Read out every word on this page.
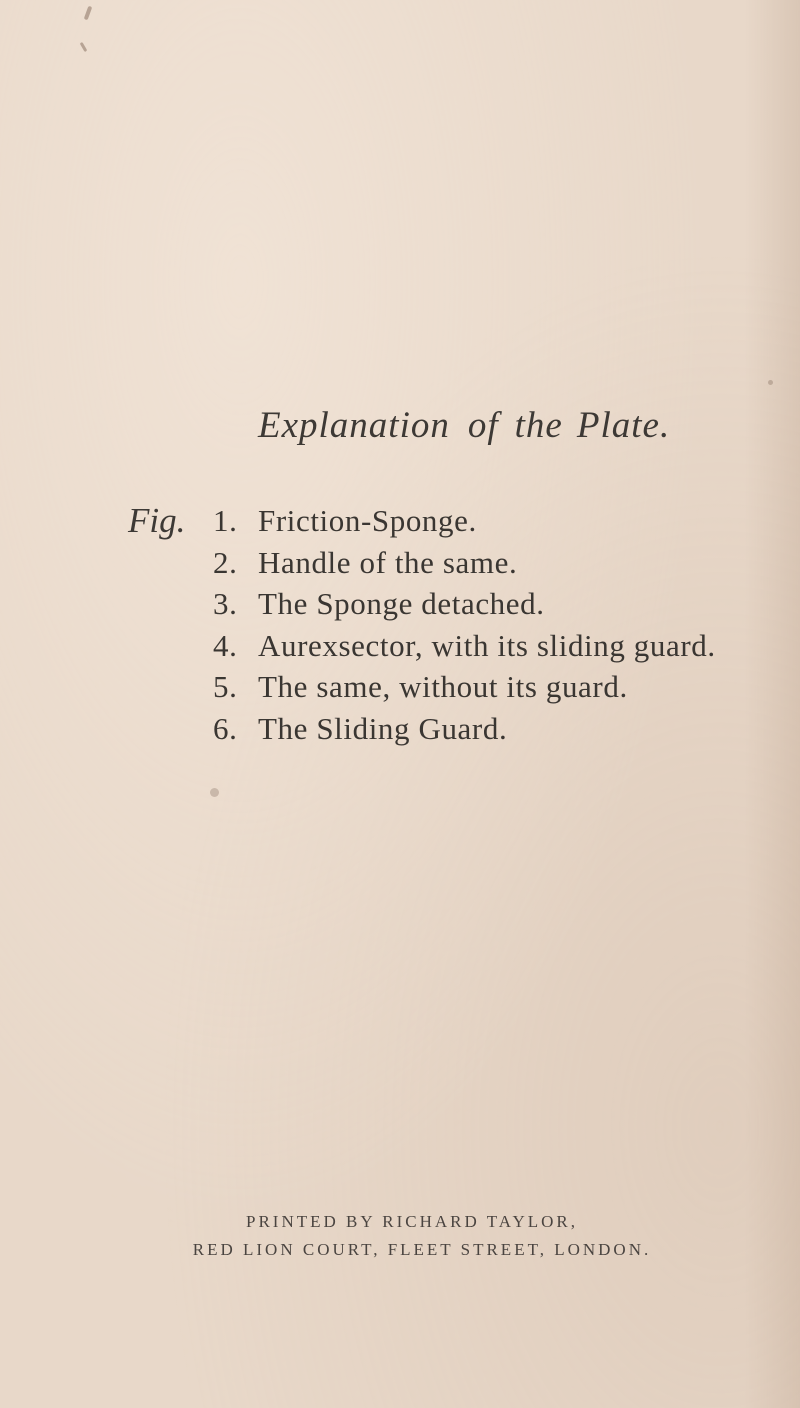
Explanation of the Plate.
Fig. 1. Friction-Sponge.
2. Handle of the same.
3. The Sponge detached.
4. Aurexsector, with its sliding guard.
5. The same, without its guard.
6. The Sliding Guard.
PRINTED BY RICHARD TAYLOR,
RED LION COURT, FLEET STREET, LONDON.
